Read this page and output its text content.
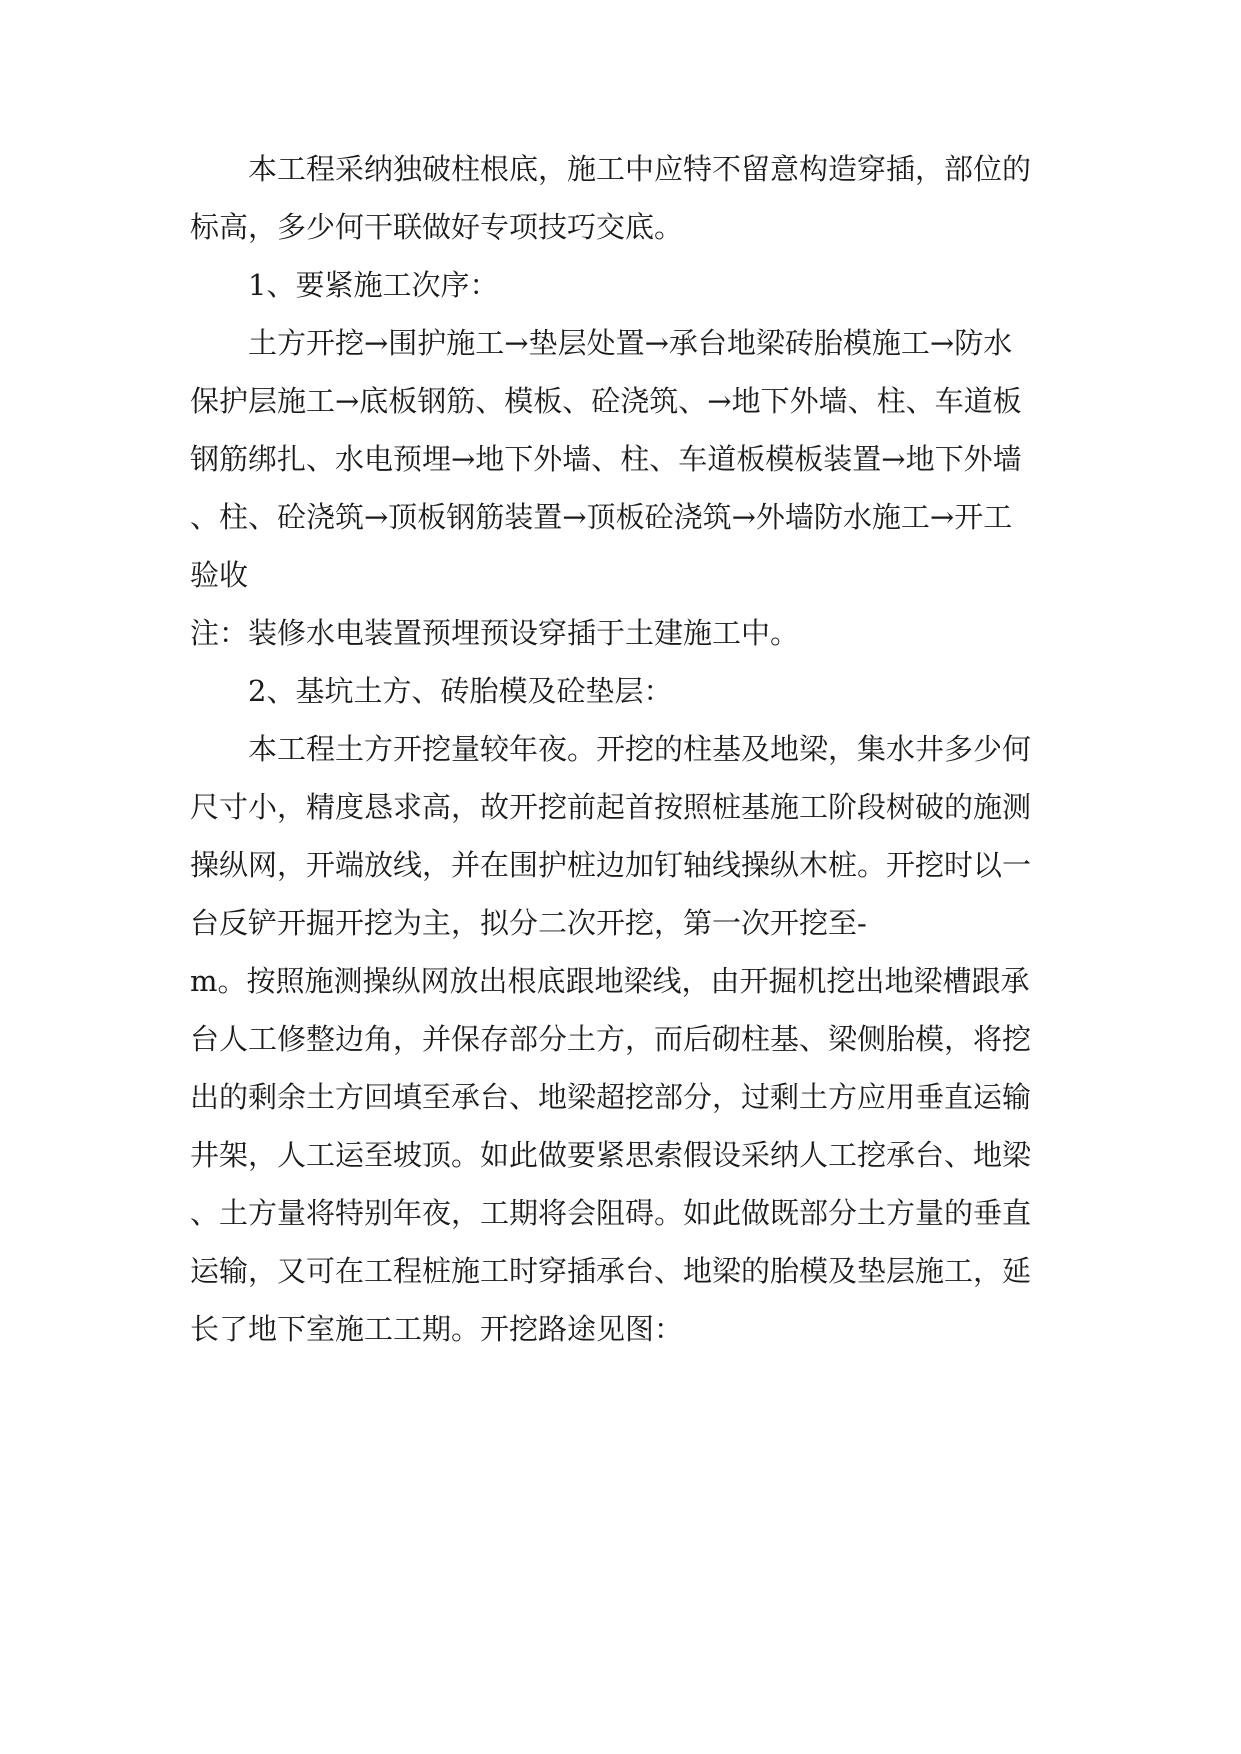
本工程采纳独破柱根底，施工中应特不留意构造穿插，部位的
标高，多少何干联做好专项技巧交底。
1、要紧施工次序：
土方开挖→围护施工→垫层处置→承台地梁砖胎模施工→防水
保护层施工→底板钢筋、模板、砼浇筑、→地下外墙、柱、车道板
钢筋绑扎、水电预埋→地下外墙、柱、车道板模板装置→地下外墙
、柱、砼浇筑→顶板钢筋装置→顶板砼浇筑→外墙防水施工→开工
验收
注：装修水电装置预埋预设穿插于土建施工中。
2、基坑土方、砖胎模及砼垫层：
本工程土方开挖量较年夜。开挖的柱基及地梁，集水井多少何
尺寸小，精度恳求高，故开挖前起首按照桩基施工阶段树破的施测
操纵网，开端放线，并在围护桩边加钉轴线操纵木桩。开挖时以一
台反铲开掘开挖为主，拟分二次开挖，第一次开挖至-
m。按照施测操纵网放出根底跟地梁线，由开掘机挖出地梁槽跟承
台人工修整边角，并保存部分土方，而后砌柱基、梁侧胎模，将挖
出的剩余土方回填至承台、地梁超挖部分，过剩土方应用垂直运输
井架，人工运至坡顶。如此做要紧思索假设采纳人工挖承台、地梁
、土方量将特别年夜，工期将会阻碍。如此做既部分土方量的垂直
运输，又可在工程桩施工时穿插承台、地梁的胎模及垫层施工，延
长了地下室施工工期。开挖路途见图：
